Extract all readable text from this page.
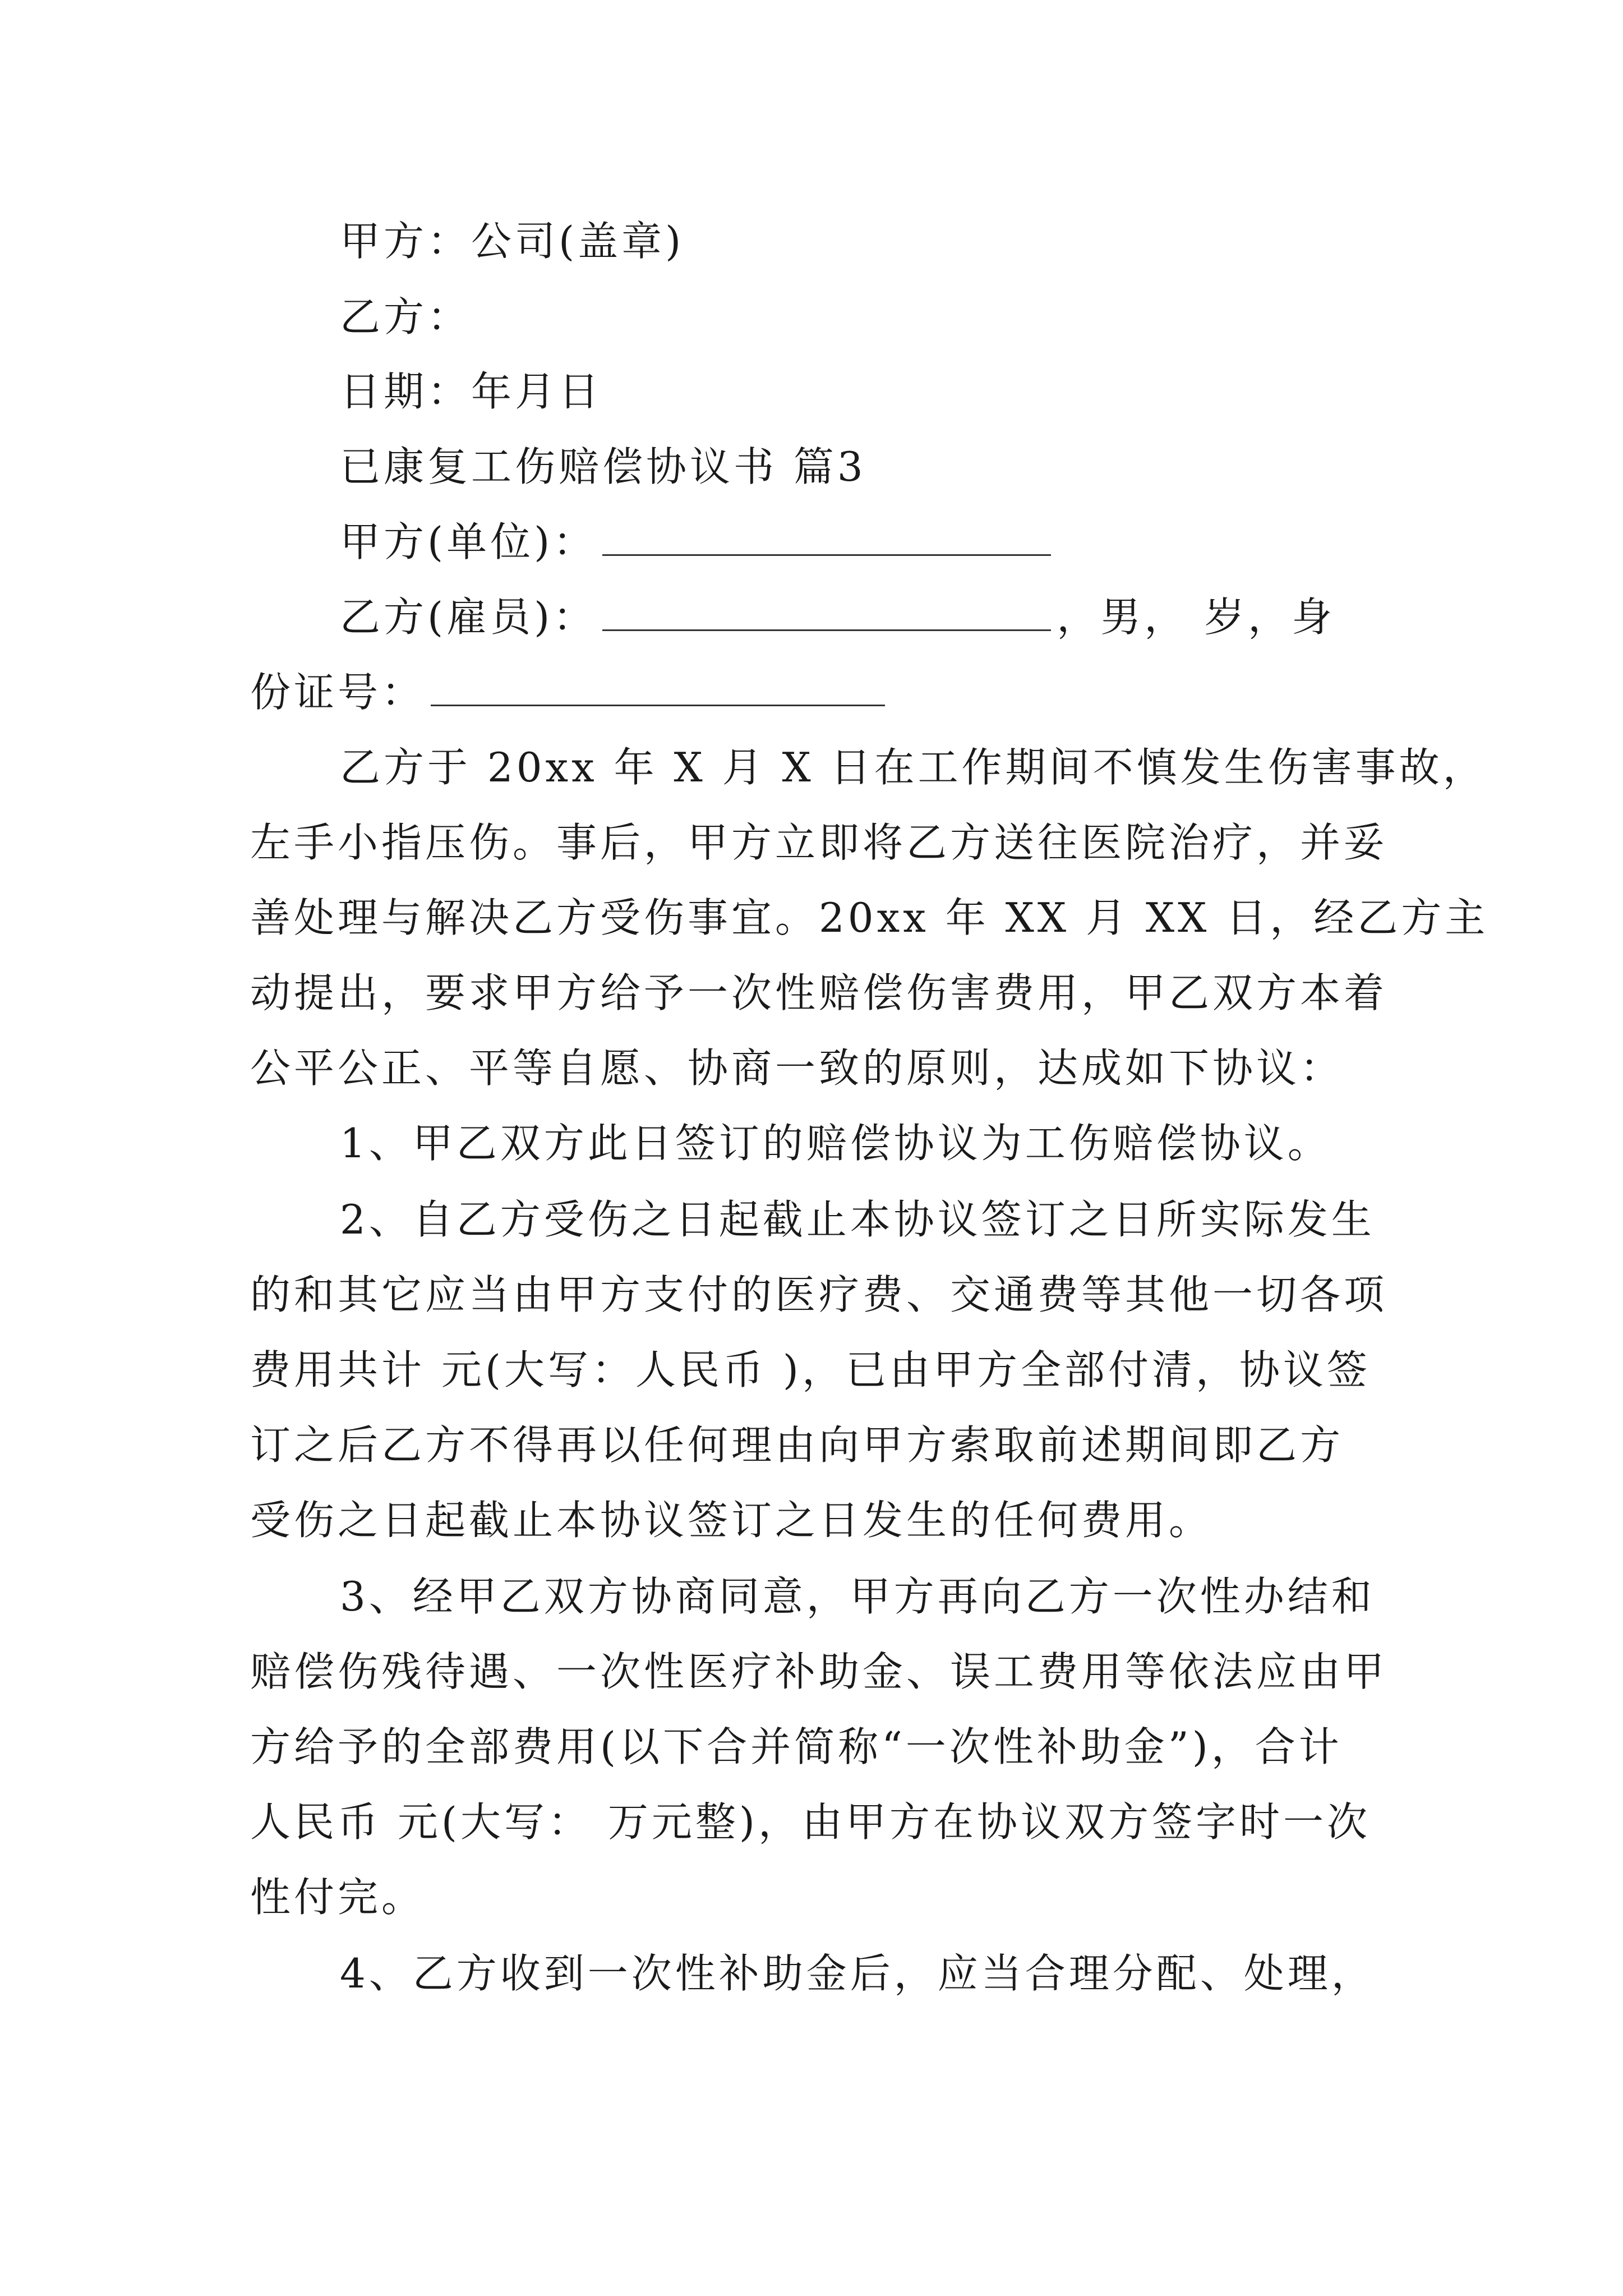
甲方：公司(盖章)
乙方：
日期：年月日
已康复工伤赔偿协议书 篇3
甲方(单位)：
乙方(雇员)：	，男， 岁，身
份证号：
乙方于 20xx 年 X 月 X 日在工作期间不慎发生伤害事故，
左手小指压伤。事后，甲方立即将乙方送往医院治疗，并妥
善处理与解决乙方受伤事宜。20xx 年 XX 月 XX 日，经乙方主
动提出，要求甲方给予一次性赔偿伤害费用，甲乙双方本着
公平公正、平等自愿、协商一致的原则，达成如下协议：
1、甲乙双方此日签订的赔偿协议为工伤赔偿协议。
2、自乙方受伤之日起截止本协议签订之日所实际发生
的和其它应当由甲方支付的医疗费、交通费等其他一切各项
费用共计 元(大写：人民币 )，已由甲方全部付清，协议签
订之后乙方不得再以任何理由向甲方索取前述期间即乙方
受伤之日起截止本协议签订之日发生的任何费用。
3、经甲乙双方协商同意，甲方再向乙方一次性办结和
赔偿伤残待遇、一次性医疗补助金、误工费用等依法应由甲
方给予的全部费用(以下合并简称“一次性补助金”)，合计
人民币 元(大写： 万元整)，由甲方在协议双方签字时一次
性付完。
4、乙方收到一次性补助金后，应当合理分配、处理，
